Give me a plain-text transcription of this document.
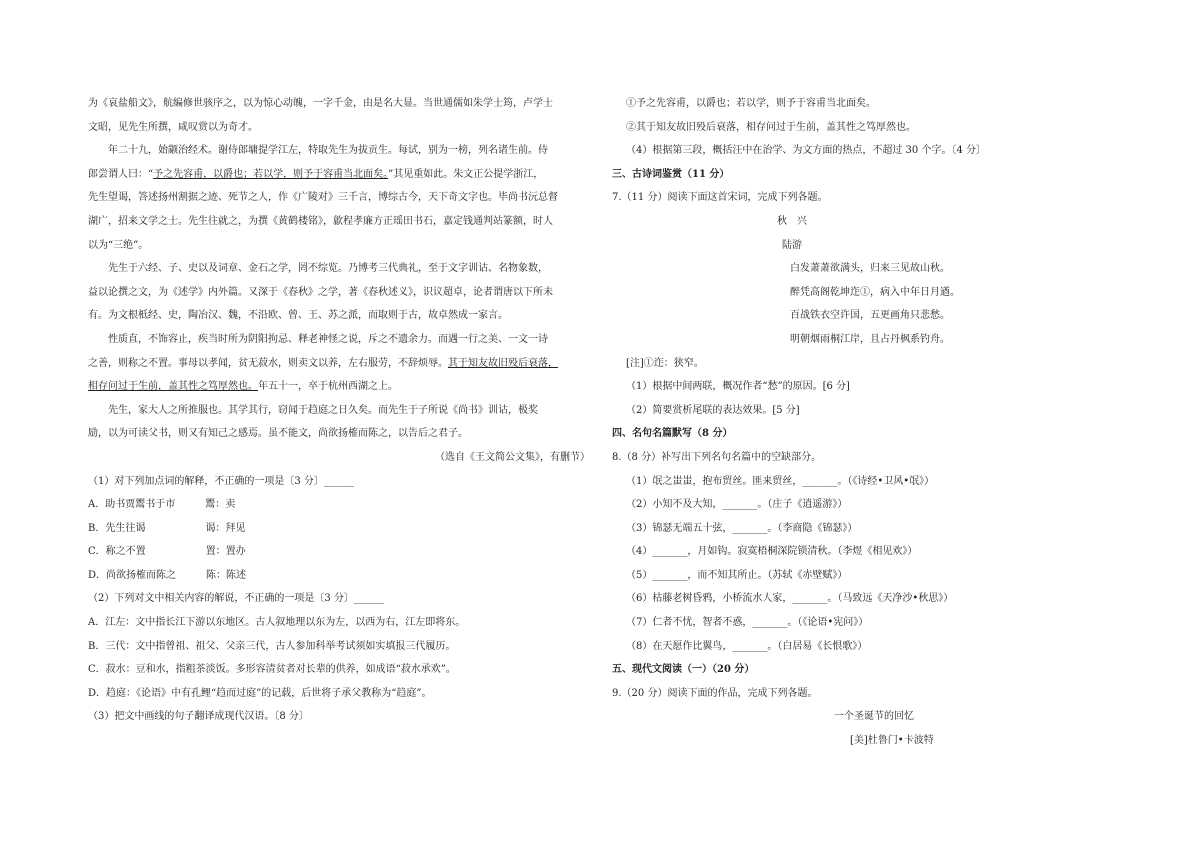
为《哀盐船文》，航编修世骇序之，以为惊心动魄，一字千金，由是名大显。当世通儒如朱学士筠，卢学士
文昭，见先生所撰，咸叹赏以为奇才。
年二十九，始颛治经术。谢侍郎墉提学江左，特取先生为拔贡生。每试，别为一榜，列名诸生前。侍
郎尝谓人曰：“予之先容甫，以爵也；若以学，则予于容甫当北面矣。”其见重如此。朱文正公提学浙江，
先生望谒，答述扬州割据之迹、死节之人，作《广陵对》三千言，博综古今，天下奇文字也。毕尚书沅总督
湖广，招来文学之士。先生往就之，为撰《黄鹤楼铭》，歙程孝廉方正瑶田书石，嘉定钱通判站篆额，时人
以为“三绝”。
先生于六经、子、史以及词章、金石之学，罔不综览。乃博考三代典礼，至于文字训诂、名物象数，
益以论撰之文，为《述学》内外篇。又深于《春秋》之学，著《春秋述义》，识议超卓，论者谓唐以下所未
有。为文根柢经、史，陶冶汉、魏，不沿欧、曾、王、苏之派，而取则于古，故卓然成一家言。
性质直，不饰容止，疾当时所为阴阳拘忌、释老神怪之说，斥之不遗余力。而遇一行之美、一文一诗
之善，则称之不置。事母以孝闻，贫无菽水，则卖文以养，左右服劳，不辞烦辱。其于知友故旧殁后衰落，
相存问过于生前，盖其性之笃厚然也。年五十一，卒于杭州西湖之上。
先生，家大人之所推服也。其学其行，窃闻于趋庭之日久矣。而先生于子所说《尚书》训诂，极奖
励，以为可读父书，则又有知己之感焉。虽不能文，尚欲扬榷而陈之，以告后之君子。
（选自《王文简公文集》，有删节）
（1）对下列加点词的解释，不正确的一项是〔3 分〕______
A．助书贾鬻书于市　　　鬻：卖
B．先生往谒　　　　　　谒：拜见
C．称之不置　　　　　　置：置办
D．尚欲扬榷而陈之　　　陈：陈述
（2）下列对文中相关内容的解说，不正确的一项是〔3 分〕______
A．江左：文中指长江下游以东地区。古人叙地理以东为左，以西为右，江左即将东。
B．三代：文中指曾祖、祖父、父亲三代，古人参加科举考试须如实填报三代履历。
C．菽水：豆和水，指粗茶淡饭。多形容清贫者对长辈的供养，如成语“菽水承欢”。
D．趋庭：《论语》中有孔鲤“趋而过庭”的记载，后世将子承父教称为“趋庭”。
（3）把文中画线的句子翻译成现代汉语。〔8 分〕
①予之先容甫，以爵也；若以学，则予于容甫当北面矣。
②其于知友故旧殁后衰落，相存问过于生前，盖其性之笃厚然也。
（4）根据第三段，概括汪中在治学、为文方面的热点，不超过 30 个字。〔4 分〕
三、古诗词鉴赏（11 分）
7.（11 分）阅读下面这首宋词，完成下列各题。
秋　兴
陆游
白发萧萧欲满头，归来三见故山秋。
醉凭高阁乾坤迮①，病入中年日月遒。
百战铁衣空许国，五更画角只悲愁。
明朝烟雨桐江岸，且占丹枫系钓舟。
[注]①迮：狭窄。
（1）根据中间两联，概况作者“愁”的原因。[6 分]
（2）简要赏析尾联的表达效果。[5 分]
四、名句名篇默写（8 分）
8.（8 分）补写出下列名句名篇中的空缺部分。
（1）氓之蚩蚩，抱布贸丝。匪来贸丝，_______。（《诗经•卫风•氓》）
（2）小知不及大知，_______。（庄子《逍遥游》）
（3）锦瑟无端五十弦，_______。（李商隐《锦瑟》）
（4）_______，月如钩。寂寞梧桐深院锁清秋。（李煜《相见欢》）
（5）_______，而不知其所止。（苏轼《赤壁赋》）
（6）枯藤老树昏鸦，小桥流水人家，_______。（马致远《天净沙•秋思》）
（7）仁者不忧，智者不惑，_______。（《论语•宪问》）
（8）在天愿作比翼鸟，_______。（白居易《长恨歌》）
五、现代文阅读（一）（20 分）
9.（20 分）阅读下面的作品，完成下列各题。
一个圣诞节的回忆
[美]杜鲁门•卡波特
